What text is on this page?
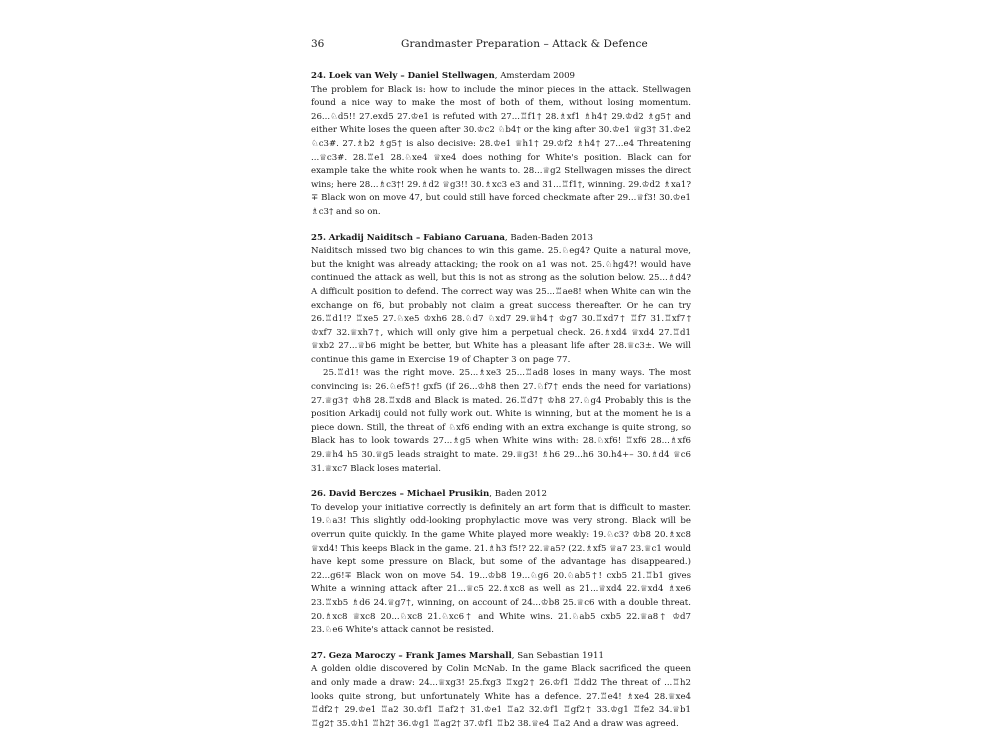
36	Grandmaster Preparation – Attack & Defence

24. Loek van Wely – Daniel Stellwagen, Amsterdam 2009

The problem for Black is: how to include the minor pieces in the attack. Stellwagen found a nice way to make the most of both of them, without losing momentum. 26...♘d5!! 27.exd5 27.♔e1 is refuted with 27...♖f1† 28.♗xf1 ♗h4† 29.♔d2 ♗g5† and either White loses the queen after 30.♔c2 ♘b4† or the king after 30.♔e1 ♕g3† 31.♔e2 ♘c3#. 27.♗b2 ♗g5† is also decisive: 28.♔e1 ♕h1† 29.♔f2 ♗h4† 27...e4 Threatening ...♕c3#. 28.♖e1 28.♘xe4 ♕xe4 does nothing for White's position. Black can for example take the white rook when he wants to. 28...♕g2 Stellwagen misses the direct wins; here 28...♗c3†! 29.♗d2 ♕g3!! 30.♗xc3 e3 and 31...♖f1†, winning. 29.♔d2 ♗xa1?∓ Black won on move 47, but could still have forced checkmate after 29...♕f3! 30.♔e1 ♗c3† and so on.

25. Arkadij Naiditsch – Fabiano Caruana, Baden-Baden 2013

Naiditsch missed two big chances to win this game. 25.♘eg4? Quite a natural move, but the knight was already attacking; the rook on a1 was not. 25.♘hg4?! would have continued the attack as well, but this is not as strong as the solution below. 25...♗d4? A difficult position to defend. The correct way was 25...♖ae8! when White can win the exchange on f6, but probably not claim a great success thereafter. Or he can try 26.♖d1!? ♖xe5 27.♘xe5 ♔xh6 28.♘d7 ♘xd7 29.♕h4† ♔g7 30.♖xd7† ♖f7 31.♖xf7† ♔xf7 32.♕xh7†, which will only give him a perpetual check. 26.♗xd4 ♕xd4 27.♖d1 ♕xb2 27...♕b6 might be better, but White has a pleasant life after 28.♕c3±. We will continue this game in Exercise 19 of Chapter 3 on page 77.

25.♖d1! was the right move. 25...♗xe3 25...♖ad8 loses in many ways. The most convincing is: 26.♘ef5†! gxf5 (if 26...♔h8 then 27.♘f7† ends the need for variations) 27.♕g3† ♔h8 28.♖xd8 and Black is mated. 26.♖d7† ♔h8 27.♘g4 Probably this is the position Arkadij could not fully work out. White is winning, but at the moment he is a piece down. Still, the threat of ♘xf6 ending with an extra exchange is quite strong, so Black has to look towards 27...♗g5 when White wins with: 28.♘xf6! ♖xf6 28...♗xf6 29.♕h4 h5 30.♕g5 leads straight to mate. 29.♕g3! ♗h6 29...h6 30.h4+– 30.♗d4 ♕c6 31.♕xc7 Black loses material.

26. David Berczes – Michael Prusikin, Baden 2012

To develop your initiative correctly is definitely an art form that is difficult to master. 19.♘a3! This slightly odd-looking prophylactic move was very strong. Black will be overrun quite quickly. In the game White played more weakly: 19.♘c3? ♔b8 20.♗xc8 ♕xd4! This keeps Black in the game. 21.♗h3 f5!? 22.♕a5? (22.♗xf5 ♕a7 23.♕c1 would have kept some pressure on Black, but some of the advantage has disappeared.) 22...g6!∓ Black won on move 54. 19...♔b8 19...♘g6 20.♘ab5†! cxb5 21.♖b1 gives White a winning attack after 21...♕c5 22.♗xc8 as well as 21...♕xd4 22.♕xd4 ♗xe6 23.♖xb5 ♗d6 24.♕g7†, winning, on account of 24...♔b8 25.♕c6 with a double threat. 20.♗xc8 ♕xc8 20...♘xc8 21.♘xc6† and White wins. 21.♘ab5 cxb5 22.♕a8† ♔d7 23.♘e6 White's attack cannot be resisted.

27. Geza Maroczy – Frank James Marshall, San Sebastian 1911

A golden oldie discovered by Colin McNab. In the game Black sacrificed the queen and only made a draw: 24...♕xg3! 25.fxg3 ♖xg2† 26.♔f1 ♖dd2 The threat of ...♖h2 looks quite strong, but unfortunately White has a defence. 27.♖e4! ♗xe4 28.♕xe4 ♖df2† 29.♔e1 ♖a2 30.♔f1 ♖af2† 31.♔e1 ♖a2 32.♔f1 ♖gf2† 33.♔g1 ♖fe2 34.♕b1 ♖g2† 35.♔h1 ♖h2† 36.♔g1 ♖ag2† 37.♔f1 ♖b2 38.♕e4 ♖a2 And a draw was agreed.
